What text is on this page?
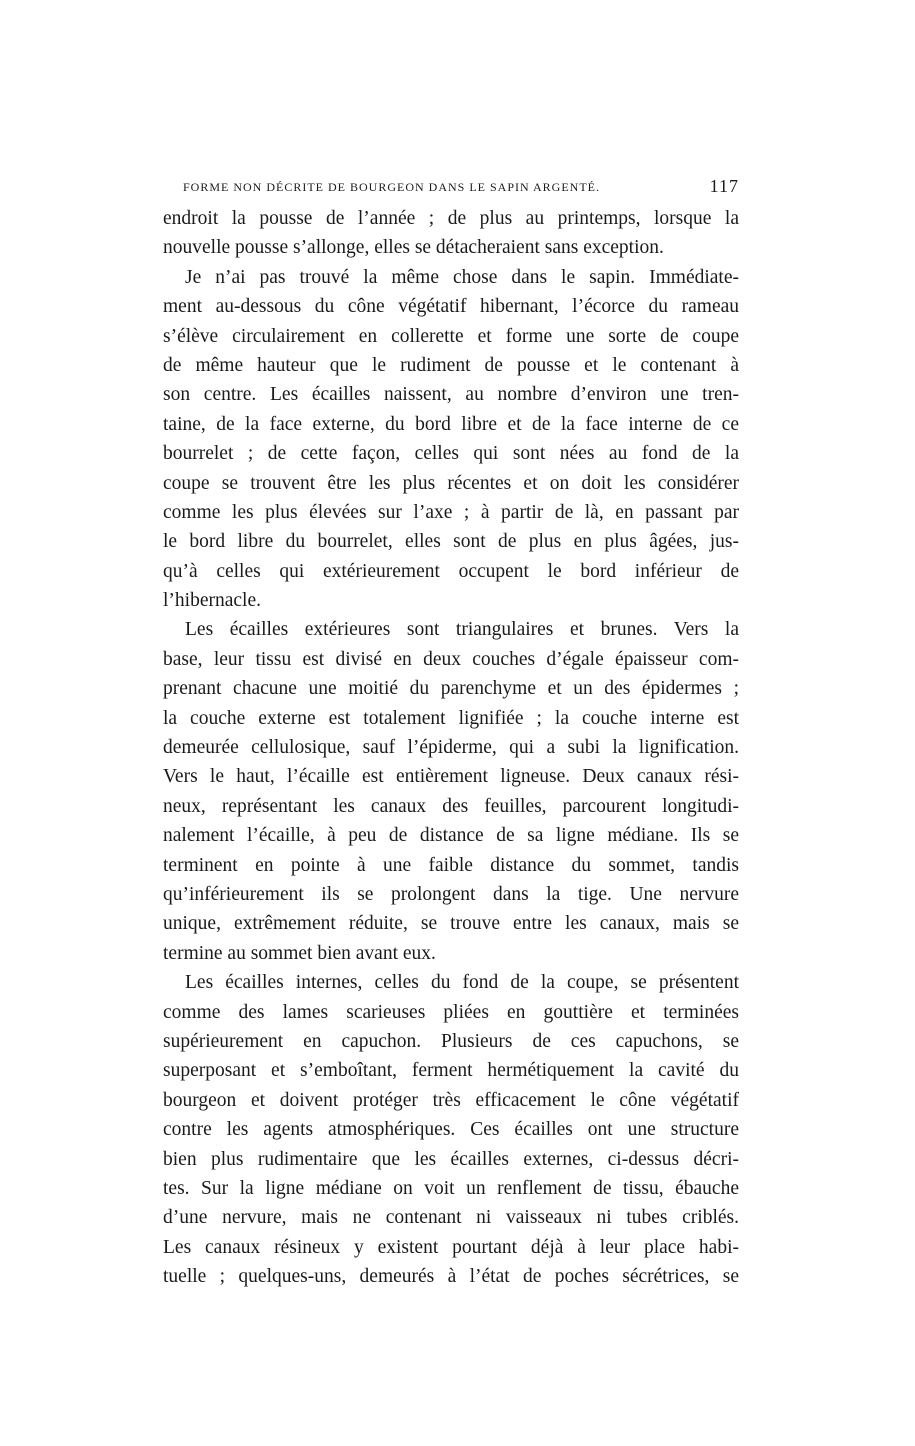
FORME NON DÉCRITE DE BOURGEON DANS LE SAPIN ARGENTÉ.	117
endroit la pousse de l’année ; de plus au printemps, lorsque la
nouvelle pousse s’allonge, elles se détacheraient sans exception.
Je n’ai pas trouvé la même chose dans le sapin. Immédiate-
ment au-dessous du cône végétatif hibernant, l’écorce du rameau
s’élève circulairement en collerette et forme une sorte de coupe
de même hauteur que le rudiment de pousse et le contenant à
son centre. Les écailles naissent, au nombre d’environ une tren-
taine, de la face externe, du bord libre et de la face interne de ce
bourrelet ; de cette façon, celles qui sont nées au fond de la
coupe se trouvent être les plus récentes et on doit les considérer
comme les plus élevées sur l’axe ; à partir de là, en passant par
le bord libre du bourrelet, elles sont de plus en plus âgées, jus-
qu’à celles qui extérieurement occupent le bord inférieur de
l’hibernacle.
Les écailles extérieures sont triangulaires et brunes. Vers la
base, leur tissu est divisé en deux couches d’égale épaisseur com-
prenant chacune une moitié du parenchyme et un des épidermes ;
la couche externe est totalement lignifiée ; la couche interne est
demeurée cellulosique, sauf l’épiderme, qui a subi la lignification.
Vers le haut, l’écaille est entièrement ligneuse. Deux canaux rési-
neux, représentant les canaux des feuilles, parcourent longitudi-
nalement l’écaille, à peu de distance de sa ligne médiane. Ils se
terminent en pointe à une faible distance du sommet, tandis
qu’inférieurement ils se prolongent dans la tige. Une nervure
unique, extrêmement réduite, se trouve entre les canaux, mais se
termine au sommet bien avant eux.
Les écailles internes, celles du fond de la coupe, se présentent
comme des lames scarieuses pliées en gouttière et terminées
supérieurement en capuchon. Plusieurs de ces capuchons, se
superposant et s’emboîtant, ferment hermétiquement la cavité du
bourgeon et doivent protéger très efficacement le cône végétatif
contre les agents atmosphériques. Ces écailles ont une structure
bien plus rudimentaire que les écailles externes, ci-dessus décri-
tes. Sur la ligne médiane on voit un renflement de tissu, ébauche
d’une nervure, mais ne contenant ni vaisseaux ni tubes criblés.
Les canaux résineux y existent pourtant déjà à leur place habi-
tuelle ; quelques-uns, demeurés à l’état de poches sécrétrices, se
